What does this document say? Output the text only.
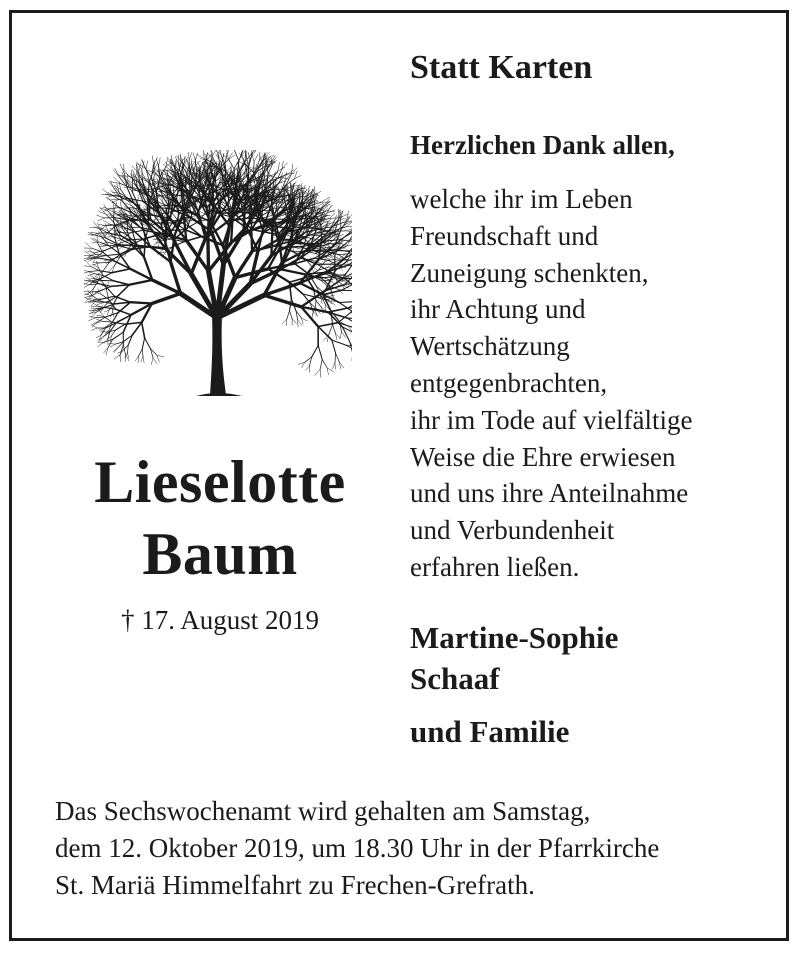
Lieselotte
Baum
† 17. August 2019
Statt Karten
Herzlichen Dank allen,
welche ihr im Leben
Freundschaft und
Zuneigung schenkten,
ihr Achtung und
Wertschätzung
entgegenbrachten,
ihr im Tode auf vielfältige
Weise die Ehre erwiesen
und uns ihre Anteilnahme
und Verbundenheit
erfahren ließen.
Martine-Sophie
Schaaf
und Familie
Das Sechswochenamt wird gehalten am Samstag,
dem 12. Oktober 2019, um 18.30 Uhr in der Pfarrkirche
St. Mariä Himmelfahrt zu Frechen-Grefrath.
